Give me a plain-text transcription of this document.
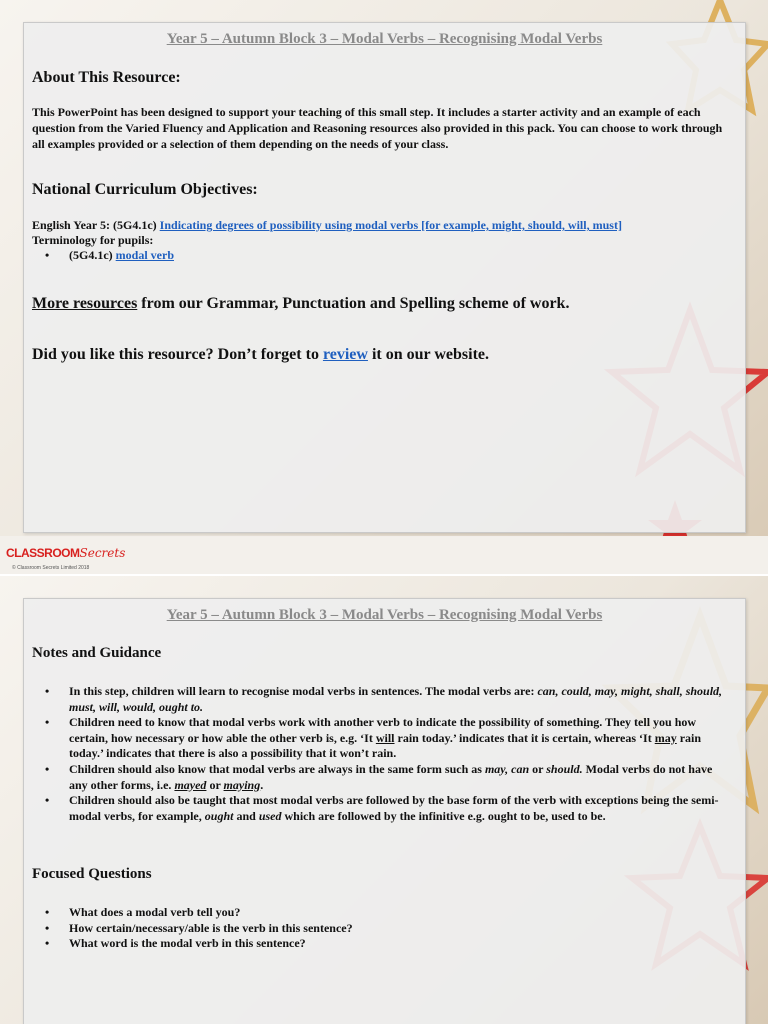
Year 5 – Autumn Block 3 – Modal Verbs – Recognising Modal Verbs
About This Resource:
This PowerPoint has been designed to support your teaching of this small step. It includes a starter activity and an example of each question from the Varied Fluency and Application and Reasoning resources also provided in this pack. You can choose to work through all examples provided or a selection of them depending on the needs of your class.
National Curriculum Objectives:
English Year 5: (5G4.1c) Indicating degrees of possibility using modal verbs [for example, might, should, will, must]
Terminology for pupils:
• (5G4.1c) modal verb
More resources from our Grammar, Punctuation and Spelling scheme of work.
Did you like this resource? Don’t forget to review it on our website.
CLASSROOMSecrets
© Classroom Secrets Limited 2018
Year 5 – Autumn Block 3 – Modal Verbs – Recognising Modal Verbs
Notes and Guidance
• In this step, children will learn to recognise modal verbs in sentences. The modal verbs are: can, could, may, might, shall, should, must, will, would, ought to.
• Children need to know that modal verbs work with another verb to indicate the possibility of something. They tell you how certain, how necessary or how able the other verb is, e.g. ‘It will rain today.’ indicates that it is certain, whereas ‘It may rain today.’ indicates that there is also a possibility that it won’t rain.
• Children should also know that modal verbs are always in the same form such as may, can or should. Modal verbs do not have any other forms, i.e. mayed or maying.
• Children should also be taught that most modal verbs are followed by the base form of the verb with exceptions being the semi-modal verbs, for example, ought and used which are followed by the infinitive e.g. ought to be, used to be.
Focused Questions
• What does a modal verb tell you?
• How certain/necessary/able is the verb in this sentence?
• What word is the modal verb in this sentence?
